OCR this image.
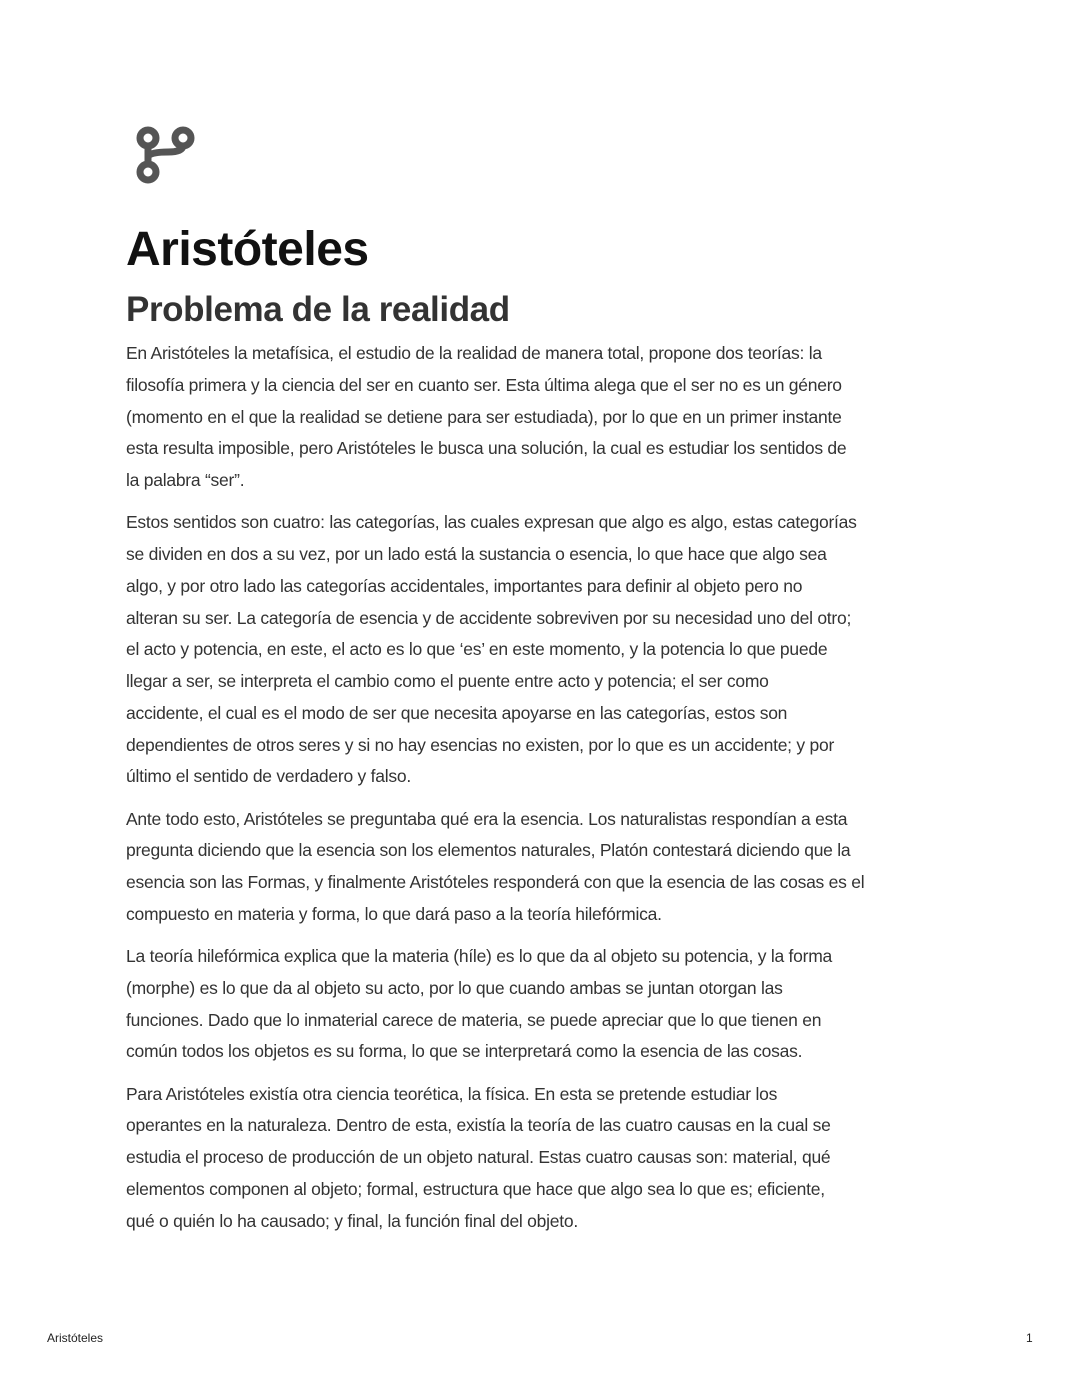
Aristóteles
Problema de la realidad

En Aristóteles la metafísica, el estudio de la realidad de manera total, propone dos teorías: la
filosofía primera y la ciencia del ser en cuanto ser. Esta última alega que el ser no es un género
(momento en el que la realidad se detiene para ser estudiada), por lo que en un primer instante
esta resulta imposible, pero Aristóteles le busca una solución, la cual es estudiar los sentidos de
la palabra “ser”.

Estos sentidos son cuatro: las categorías, las cuales expresan que algo es algo, estas categorías
se dividen en dos a su vez, por un lado está la sustancia o esencia, lo que hace que algo sea
algo, y por otro lado las categorías accidentales, importantes para definir al objeto pero no
alteran su ser. La categoría de esencia y de accidente sobreviven por su necesidad uno del otro;
el acto y potencia, en este, el acto es lo que ‘es’ en este momento, y la potencia lo que puede
llegar a ser, se interpreta el cambio como el puente entre acto y potencia; el ser como
accidente, el cual es el modo de ser que necesita apoyarse en las categorías, estos son
dependientes de otros seres y si no hay esencias no existen, por lo que es un accidente; y por
último el sentido de verdadero y falso.

Ante todo esto, Aristóteles se preguntaba qué era la esencia. Los naturalistas respondían a esta
pregunta diciendo que la esencia son los elementos naturales, Platón contestará diciendo que la
esencia son las Formas, y finalmente Aristóteles responderá con que la esencia de las cosas es el
compuesto en materia y forma, lo que dará paso a la teoría hilefórmica.

La teoría hilefórmica explica que la materia (híle) es lo que da al objeto su potencia, y la forma
(morphe) es lo que da al objeto su acto, por lo que cuando ambas se juntan otorgan las
funciones. Dado que lo inmaterial carece de materia, se puede apreciar que lo que tienen en
común todos los objetos es su forma, lo que se interpretará como la esencia de las cosas.

Para Aristóteles existía otra ciencia teorética, la física. En esta se pretende estudiar los
operantes en la naturaleza. Dentro de esta, existía la teoría de las cuatro causas en la cual se
estudia el proceso de producción de un objeto natural. Estas cuatro causas son: material, qué
elementos componen al objeto; formal, estructura que hace que algo sea lo que es; eficiente,
qué o quién lo ha causado; y final, la función final del objeto.

Aristóteles	1
